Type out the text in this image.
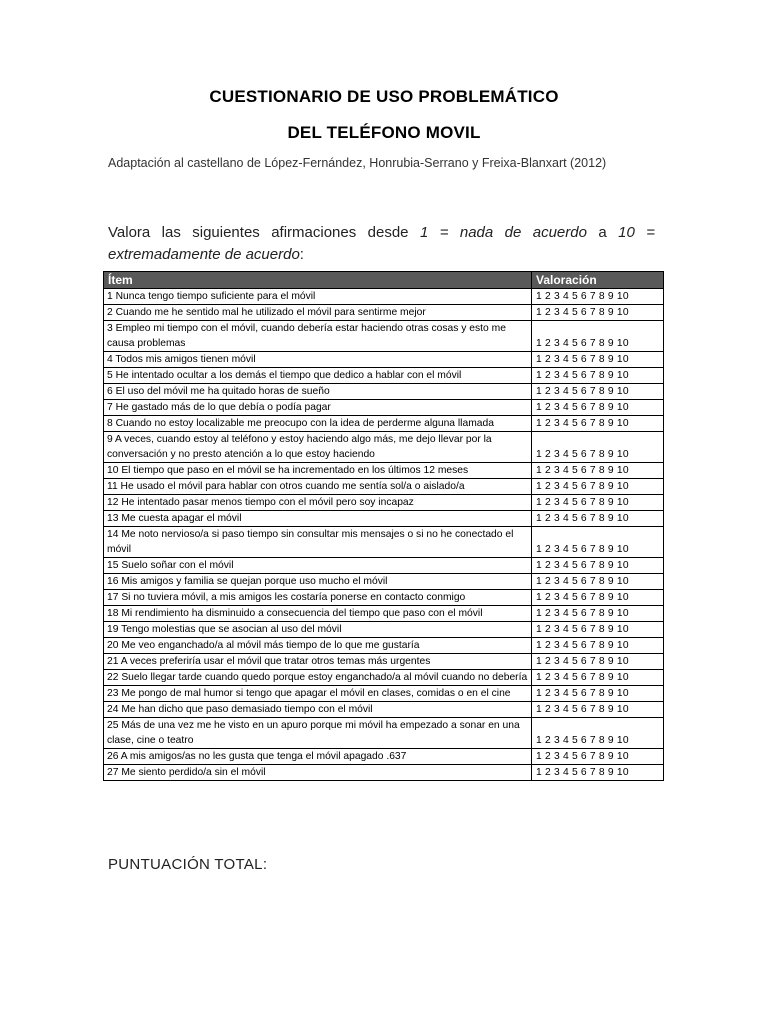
CUESTIONARIO DE USO PROBLEMÁTICO
DEL TELÉFONO MOVIL
Adaptación al castellano de López-Fernández, Honrubia-Serrano y Freixa-Blanxart (2012)
Valora las siguientes afirmaciones desde 1 = nada de acuerdo a 10 = extremadamente de acuerdo:
Ítem	Valoración
1 Nunca tengo tiempo suficiente para el móvil	1 2 3 4 5 6 7 8 9 10
2 Cuando me he sentido mal he utilizado el móvil para sentirme mejor	1 2 3 4 5 6 7 8 9 10
3 Empleo mi tiempo con el móvil, cuando debería estar haciendo otras cosas y esto me causa problemas	1 2 3 4 5 6 7 8 9 10
4 Todos mis amigos tienen móvil	1 2 3 4 5 6 7 8 9 10
5 He intentado ocultar a los demás el tiempo que dedico a hablar con el móvil	1 2 3 4 5 6 7 8 9 10
6 El uso del móvil me ha quitado horas de sueño	1 2 3 4 5 6 7 8 9 10
7 He gastado más de lo que debía o podía pagar	1 2 3 4 5 6 7 8 9 10
8 Cuando no estoy localizable me preocupo con la idea de perderme alguna llamada	1 2 3 4 5 6 7 8 9 10
9 A veces, cuando estoy al teléfono y estoy haciendo algo más, me dejo llevar por la conversación y no presto atención a lo que estoy haciendo	1 2 3 4 5 6 7 8 9 10
10 El tiempo que paso en el móvil se ha incrementado en los últimos 12 meses	1 2 3 4 5 6 7 8 9 10
11 He usado el móvil para hablar con otros cuando me sentía sol/a o aislado/a	1 2 3 4 5 6 7 8 9 10
12 He intentado pasar menos tiempo con el móvil pero soy incapaz	1 2 3 4 5 6 7 8 9 10
13 Me cuesta apagar el móvil	1 2 3 4 5 6 7 8 9 10
14 Me noto nervioso/a si paso tiempo sin consultar mis mensajes o si no he conectado el móvil	1 2 3 4 5 6 7 8 9 10
15 Suelo soñar con el móvil	1 2 3 4 5 6 7 8 9 10
16 Mis amigos y familia se quejan porque uso mucho el móvil	1 2 3 4 5 6 7 8 9 10
17 Si no tuviera móvil, a mis amigos les costaría ponerse en contacto conmigo	1 2 3 4 5 6 7 8 9 10
18 Mi rendimiento ha disminuido a consecuencia del tiempo que paso con el móvil	1 2 3 4 5 6 7 8 9 10
19 Tengo molestias que se asocian al uso del móvil	1 2 3 4 5 6 7 8 9 10
20 Me veo enganchado/a al móvil más tiempo de lo que me gustaría	1 2 3 4 5 6 7 8 9 10
21 A veces preferiría usar el móvil que tratar otros temas más urgentes	1 2 3 4 5 6 7 8 9 10
22 Suelo llegar tarde cuando quedo porque estoy enganchado/a al móvil cuando no debería	1 2 3 4 5 6 7 8 9 10
23 Me pongo de mal humor si tengo que apagar el móvil en clases, comidas o en el cine	1 2 3 4 5 6 7 8 9 10
24 Me han dicho que paso demasiado tiempo con el móvil	1 2 3 4 5 6 7 8 9 10
25 Más de una vez me he visto en un apuro porque mi móvil ha empezado a sonar en una clase, cine o teatro	1 2 3 4 5 6 7 8 9 10
26 A mis amigos/as no les gusta que tenga el móvil apagado .637	1 2 3 4 5 6 7 8 9 10
27 Me siento perdido/a sin el móvil	1 2 3 4 5 6 7 8 9 10
PUNTUACIÓN TOTAL:
